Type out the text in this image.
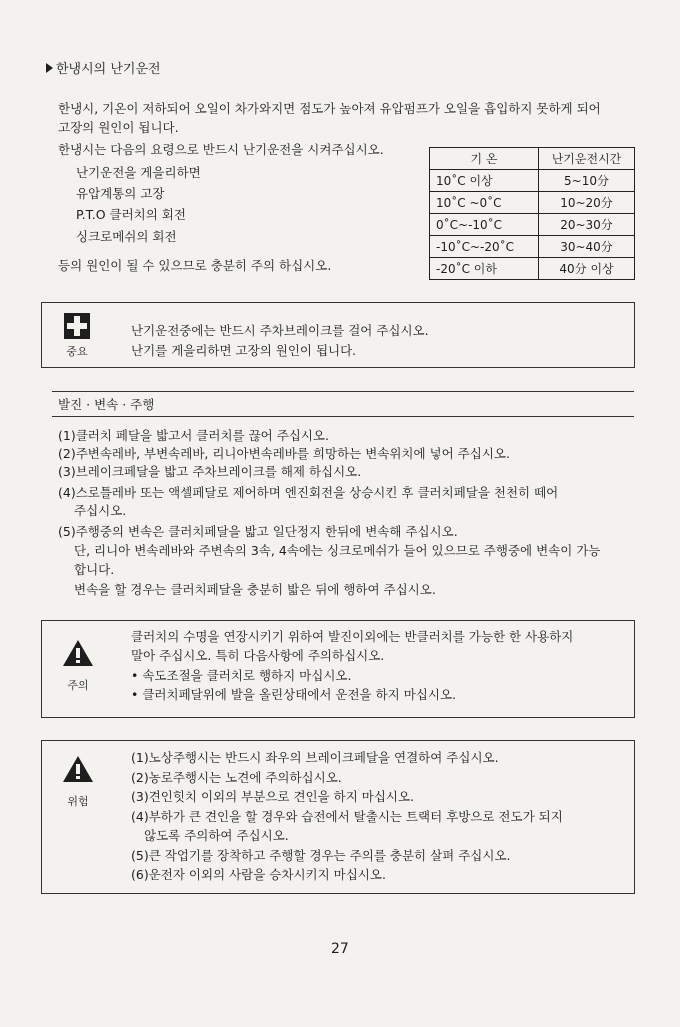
한냉시의 난기운전
한냉시, 기온이 저하되어 오일이 차가와지면 점도가 높아져 유압펌프가 오일을 흡입하지 못하게 되어
고장의 원인이 됩니다.
한냉시는 다음의 요령으로 반드시 난기운전을 시켜주십시오.
난기운전을 게을리하면
유압계통의 고장
P.T.O 클러치의 회전
싱크로메쉬의 회전
등의 원인이 될 수 있으므로 충분히 주의 하십시오.
기 온	난기운전시간
10˚C 이상	5~10分
10˚C ~0˚C	10~20分
0˚C~-10˚C	20~30分
-10˚C~-20˚C	30~40分
-20˚C 이하	40分 이상
중요
난기운전중에는 반드시 주차브레이크를 걸어 주십시오.
난기를 게을리하면 고장의 원인이 됩니다.
발진 · 변속 · 주행
(1)클러치 페달을 밟고서 클러치를 끊어 주십시오.
(2)주변속레바, 부변속레바, 리니아변속레바를 희망하는 변속위치에 넣어 주십시오.
(3)브레이크페달을 밟고 주차브레이크를 해제 하십시오.
(4)스로틀레바 또는 액셀페달로 제어하며 엔진회전을 상승시킨 후 클러치페달을 천천히 떼어
주십시오.
(5)주행중의 변속은 클러치페달을 밟고 일단정지 한뒤에 변속해 주십시오.
단, 리니아 변속레바와 주변속의 3속, 4속에는 싱크로메쉬가 들어 있으므로 주행중에 변속이 가능
합니다.
변속을 할 경우는 클러치페달을 충분히 밟은 뒤에 행하여 주십시오.
주의
클러치의 수명을 연장시키기 위하여 발진이외에는 반클러치를 가능한 한 사용하지
말아 주십시오. 특히 다음사항에 주의하십시오.
• 속도조절을 클러치로 행하지 마십시오.
• 클러치페달위에 발을 올린상태에서 운전을 하지 마십시오.
위험
(1)노상주행시는 반드시 좌우의 브레이크페달을 연결하여 주십시오.
(2)농로주행시는 노견에 주의하십시오.
(3)견인힛치 이외의 부분으로 견인을 하지 마십시오.
(4)부하가 큰 견인을 할 경우와 습전에서 탈출시는 트랙터 후방으로 전도가 되지
않도록 주의하여 주십시오.
(5)큰 작업기를 장착하고 주행할 경우는 주의를 충분히 살펴 주십시오.
(6)운전자 이외의 사람을 승차시키지 마십시오.
27
